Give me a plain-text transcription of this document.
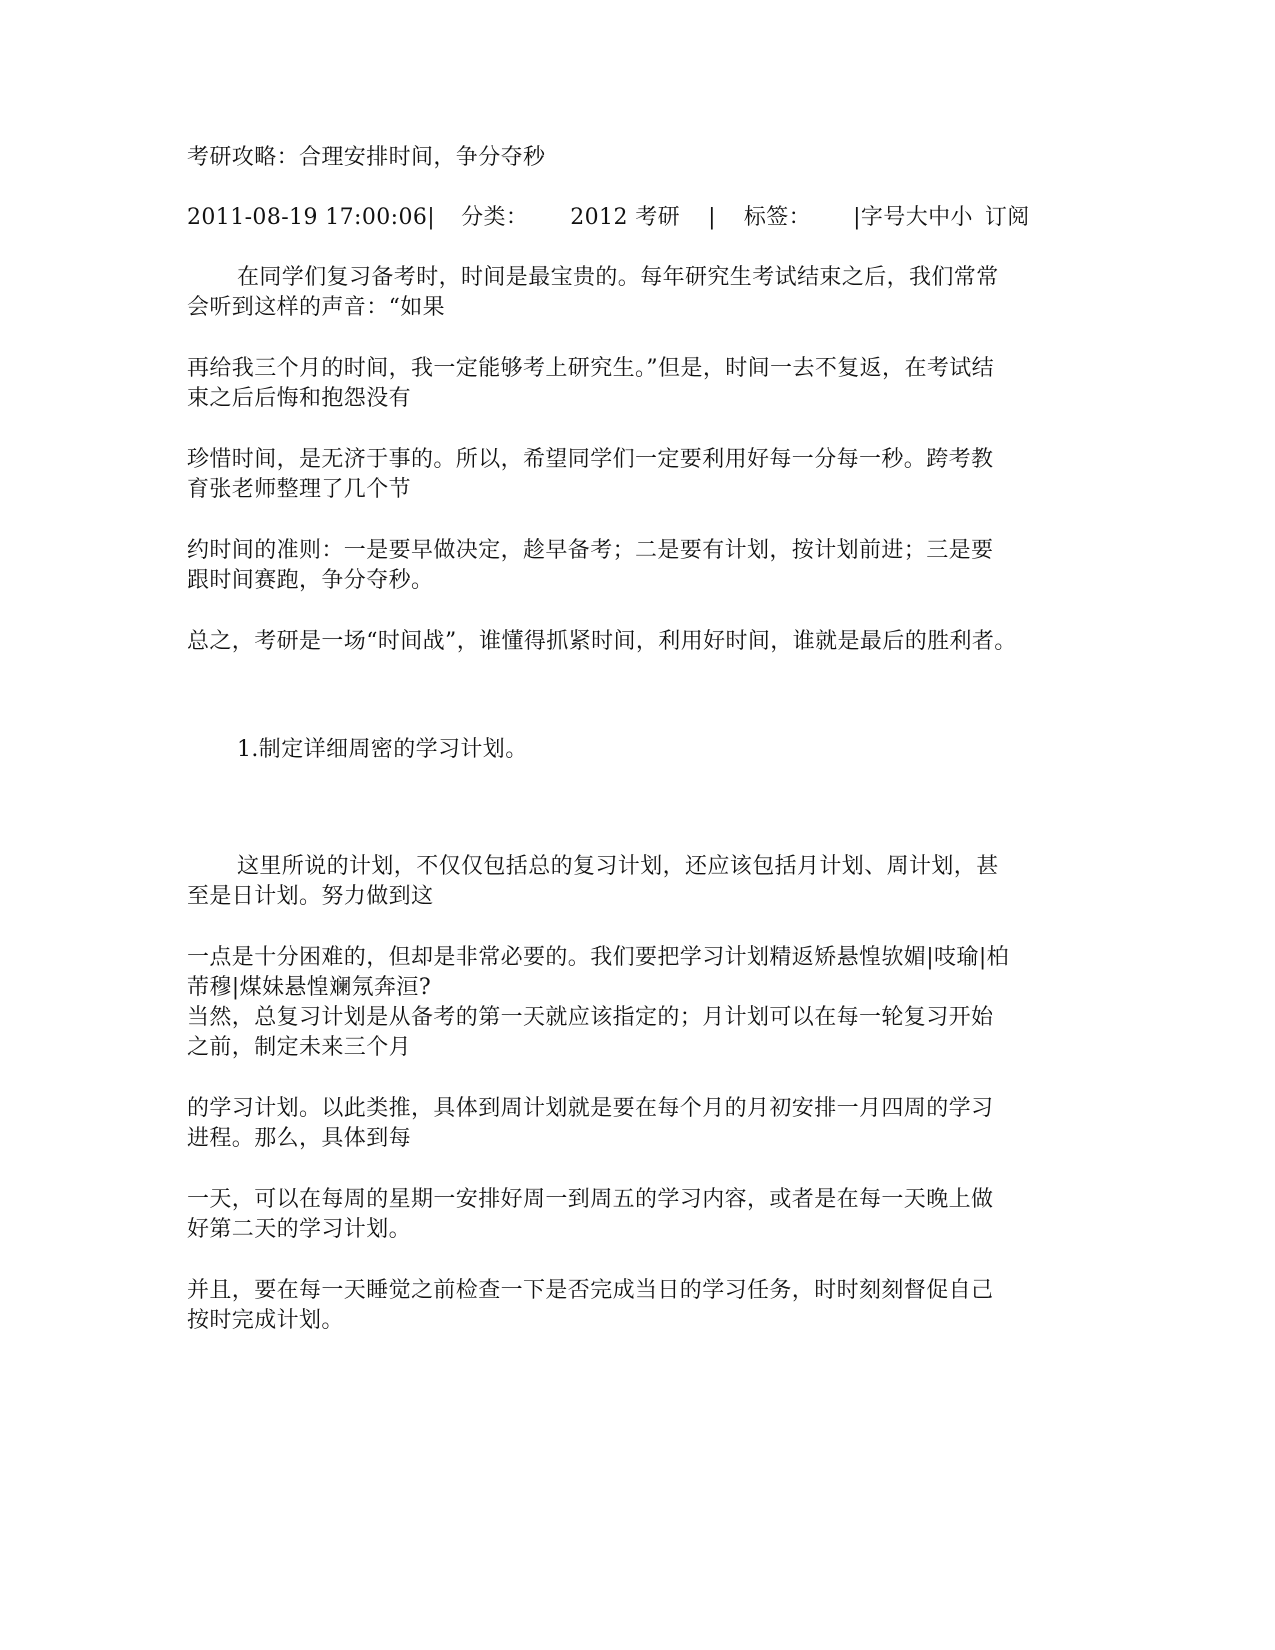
考研攻略：合理安排时间，争分夺秒
2011-08-19 17:00:06| 分类： 2012 考研 | 标签： |字号大中小 订阅
在同学们复习备考时，时间是最宝贵的。每年研究生考试结束之后，我们常常
会听到这样的声音：“如果
再给我三个月的时间，我一定能够考上研究生。”但是，时间一去不复返，在考试结
束之后后悔和抱怨没有
珍惜时间，是无济于事的。所以，希望同学们一定要利用好每一分每一秒。跨考教
育张老师整理了几个节
约时间的准则：一是要早做决定，趁早备考；二是要有计划，按计划前进；三是要
跟时间赛跑，争分夺秒。
总之，考研是一场“时间战”，谁懂得抓紧时间，利用好时间，谁就是最后的胜利者。
1.制定详细周密的学习计划。
这里所说的计划，不仅仅包括总的复习计划，还应该包括月计划、周计划，甚
至是日计划。努力做到这
一点是十分困难的，但却是非常必要的。我们要把学习计划精返矫悬惶欤媚|吱瑜|柏
芾穆|煤妹悬惶斓氖奔洹?
当然，总复习计划是从备考的第一天就应该指定的；月计划可以在每一轮复习开始
之前，制定未来三个月
的学习计划。以此类推，具体到周计划就是要在每个月的月初安排一月四周的学习
进程。那么，具体到每
一天，可以在每周的星期一安排好周一到周五的学习内容，或者是在每一天晚上做
好第二天的学习计划。
并且，要在每一天睡觉之前检查一下是否完成当日的学习任务，时时刻刻督促自己
按时完成计划。
